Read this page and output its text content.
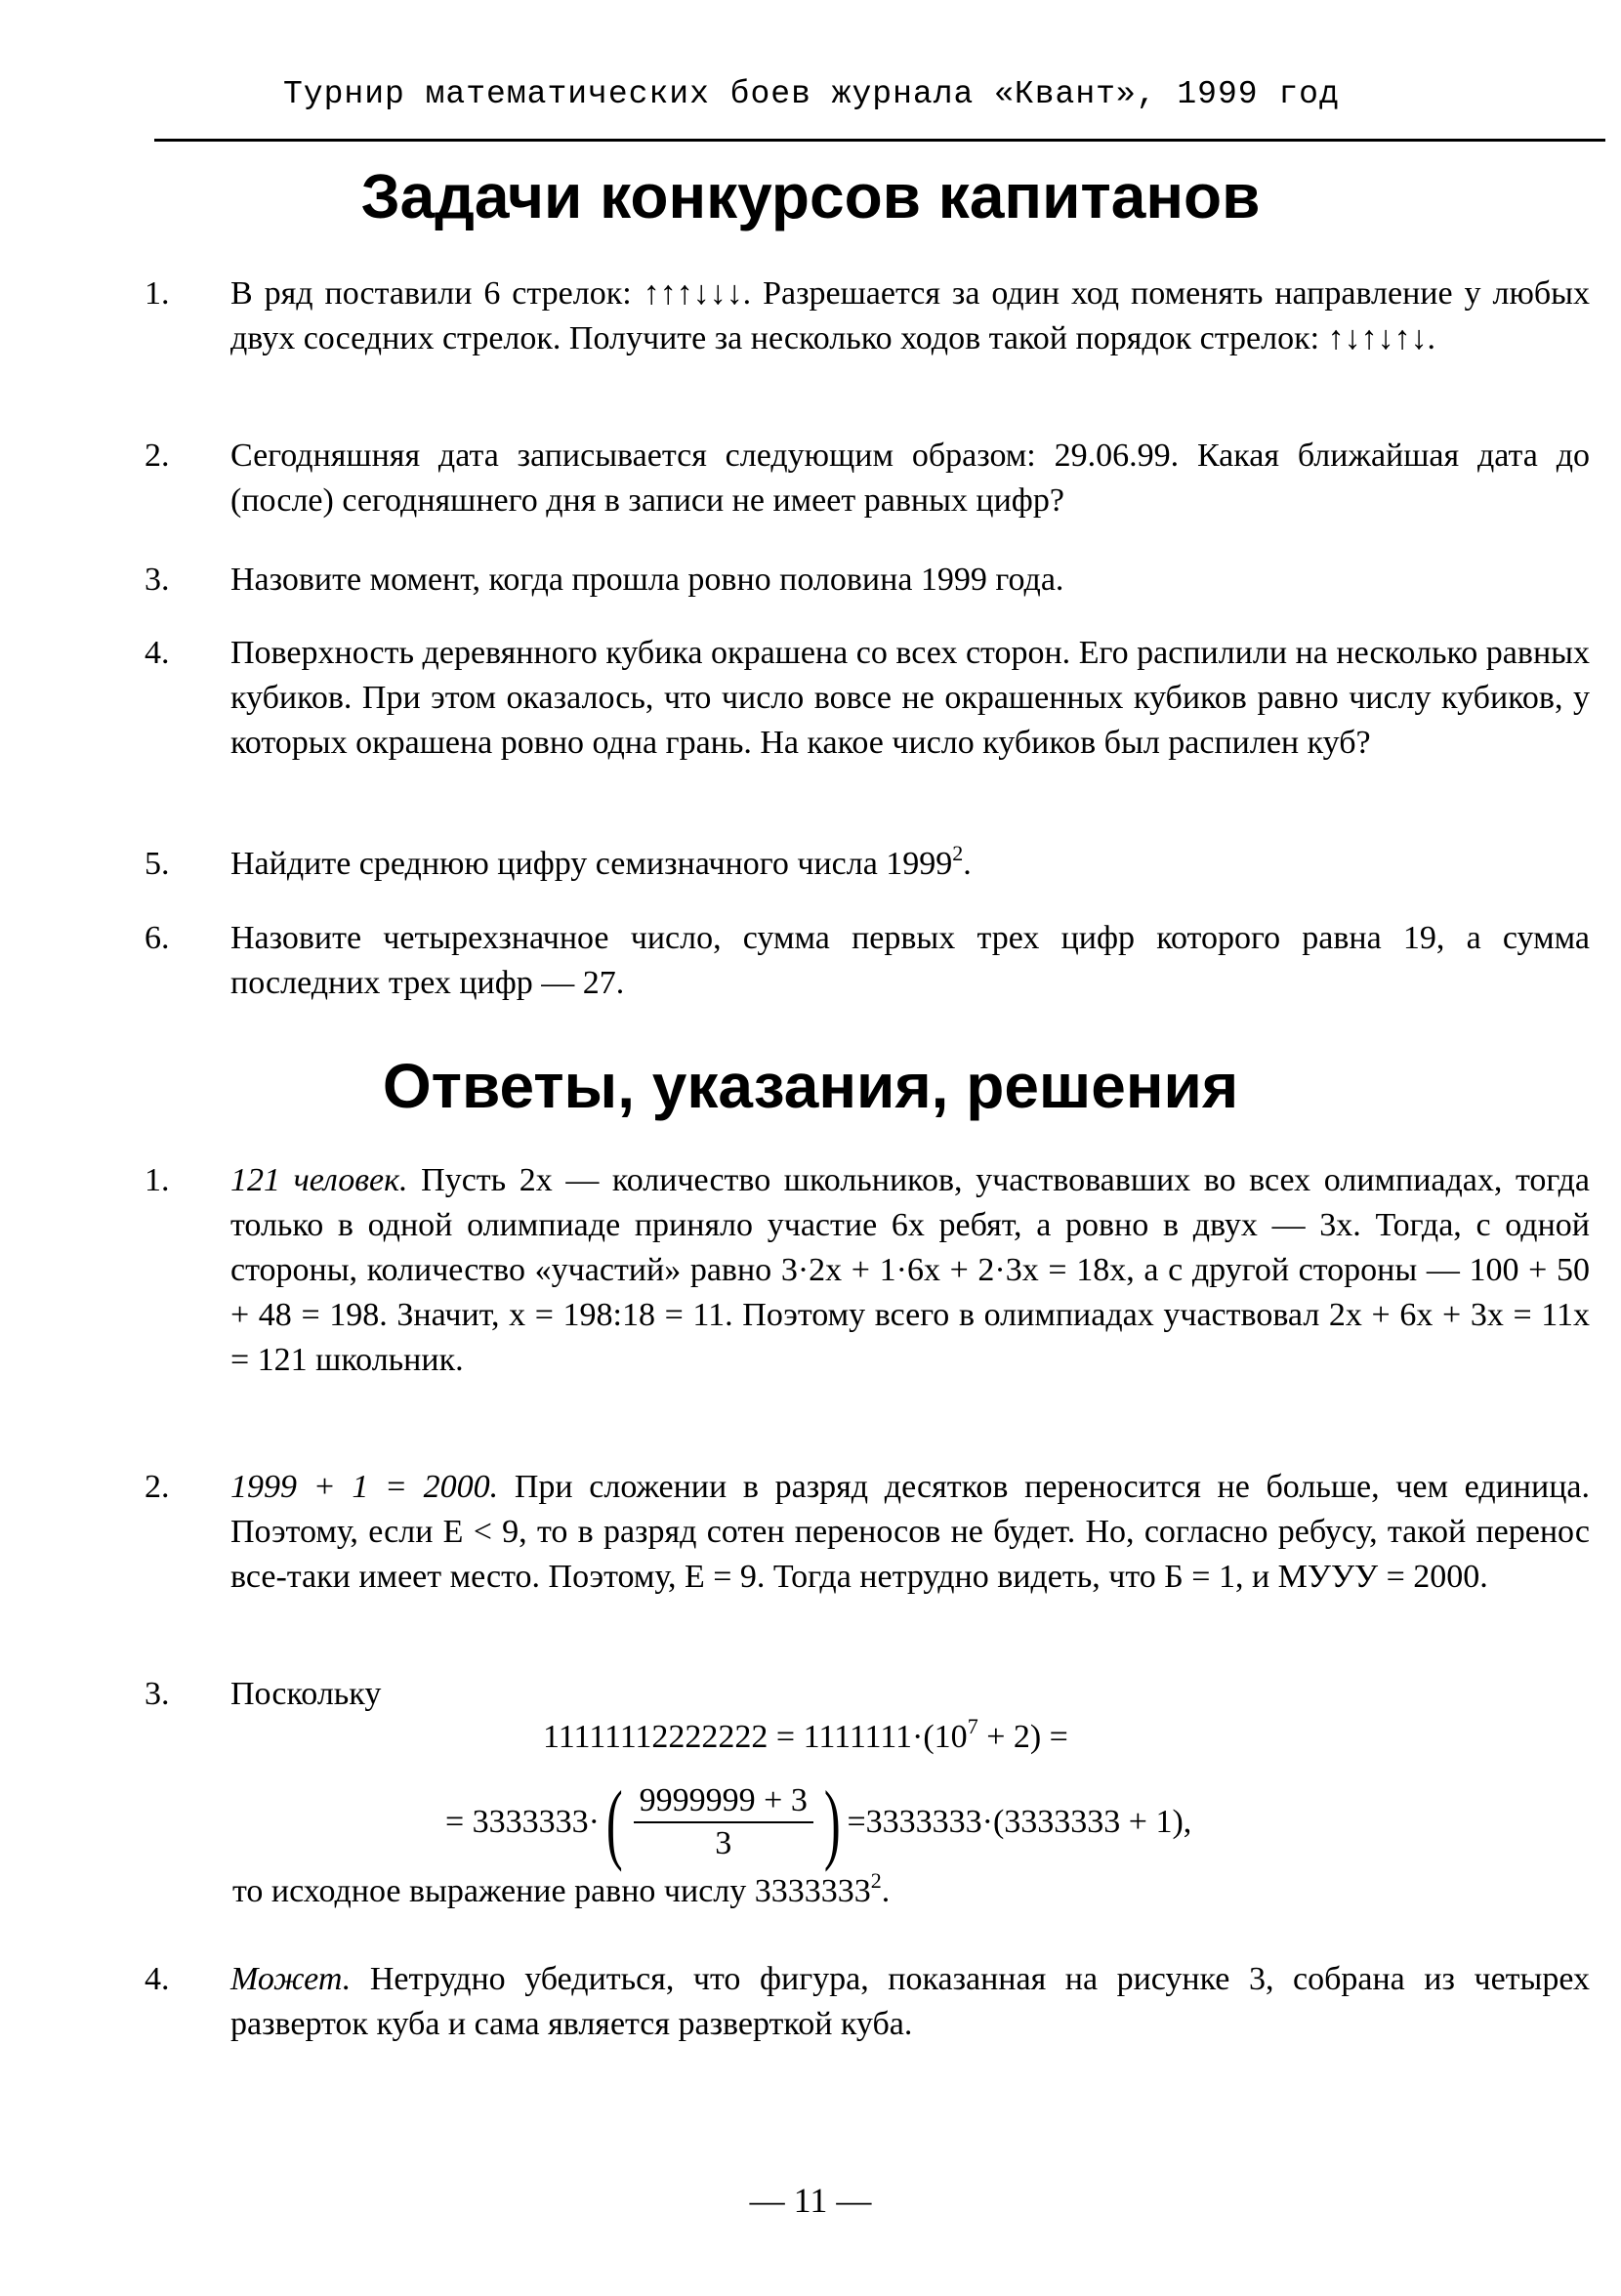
Турнир математических боев журнала «Квант», 1999 год
Задачи конкурсов капитанов
1. В ряд поставили 6 стрелок: ↑↑↑↓↓↓. Разрешается за один ход поменять направление у любых двух соседних стрелок. Получите за несколько ходов такой порядок стрелок: ↑↓↑↓↑↓.
2. Сегодняшняя дата записывается следующим образом: 29.06.99. Какая ближайшая дата до (после) сегодняшнего дня в записи не имеет равных цифр?
3. Назовите момент, когда прошла ровно половина 1999 года.
4. Поверхность деревянного кубика окрашена со всех сторон. Его распилили на несколько равных кубиков. При этом оказалось, что число вовсе не окрашенных кубиков равно числу кубиков, у которых окрашена ровно одна грань. На какое число кубиков был распилен куб?
5. Найдите среднюю цифру семизначного числа 1999$^2$.
6. Назовите четырехзначное число, сумма первых трех цифр которого равна 19, а сумма последних трех цифр — 27.
Ответы, указания, решения
1. 121 человек. Пусть 2x — количество школьников, участвовавших во всех олимпиадах, тогда только в одной олимпиаде приняло участие 6x ребят, а ровно в двух — 3x. Тогда, с одной стороны, количество «участий» равно 3·2x + 1·6x + 2·3x = 18x, а с другой стороны — 100 + 50 + 48 = 198. Значит, x = 198:18 = 11. Поэтому всего в олимпиадах участвовал 2x + 6x + 3x = 11x = 121 школьник.
2. 1999 + 1 = 2000. При сложении в разряд десятков переносится не больше, чем единица. Поэтому, если Е < 9, то в разряд сотен переносов не будет. Но, согласно ребусу, такой перенос все-таки имеет место. Поэтому, Е = 9. Тогда нетрудно видеть, что Б = 1, и МУУУ = 2000.
3. Поскольку
$11111112222222 = 1111111\cdot(10^7 + 2)$ =
= 3333333· ( $\frac{9999999 + 3}{3}$ ) =3333333·(3333333 + 1),
то исходное выражение равно числу 3333333$^2$.
4. Может. Нетрудно убедиться, что фигура, показанная на рисунке 3, собрана из четырех разверток куба и сама является разверткой куба.
— 11 —
